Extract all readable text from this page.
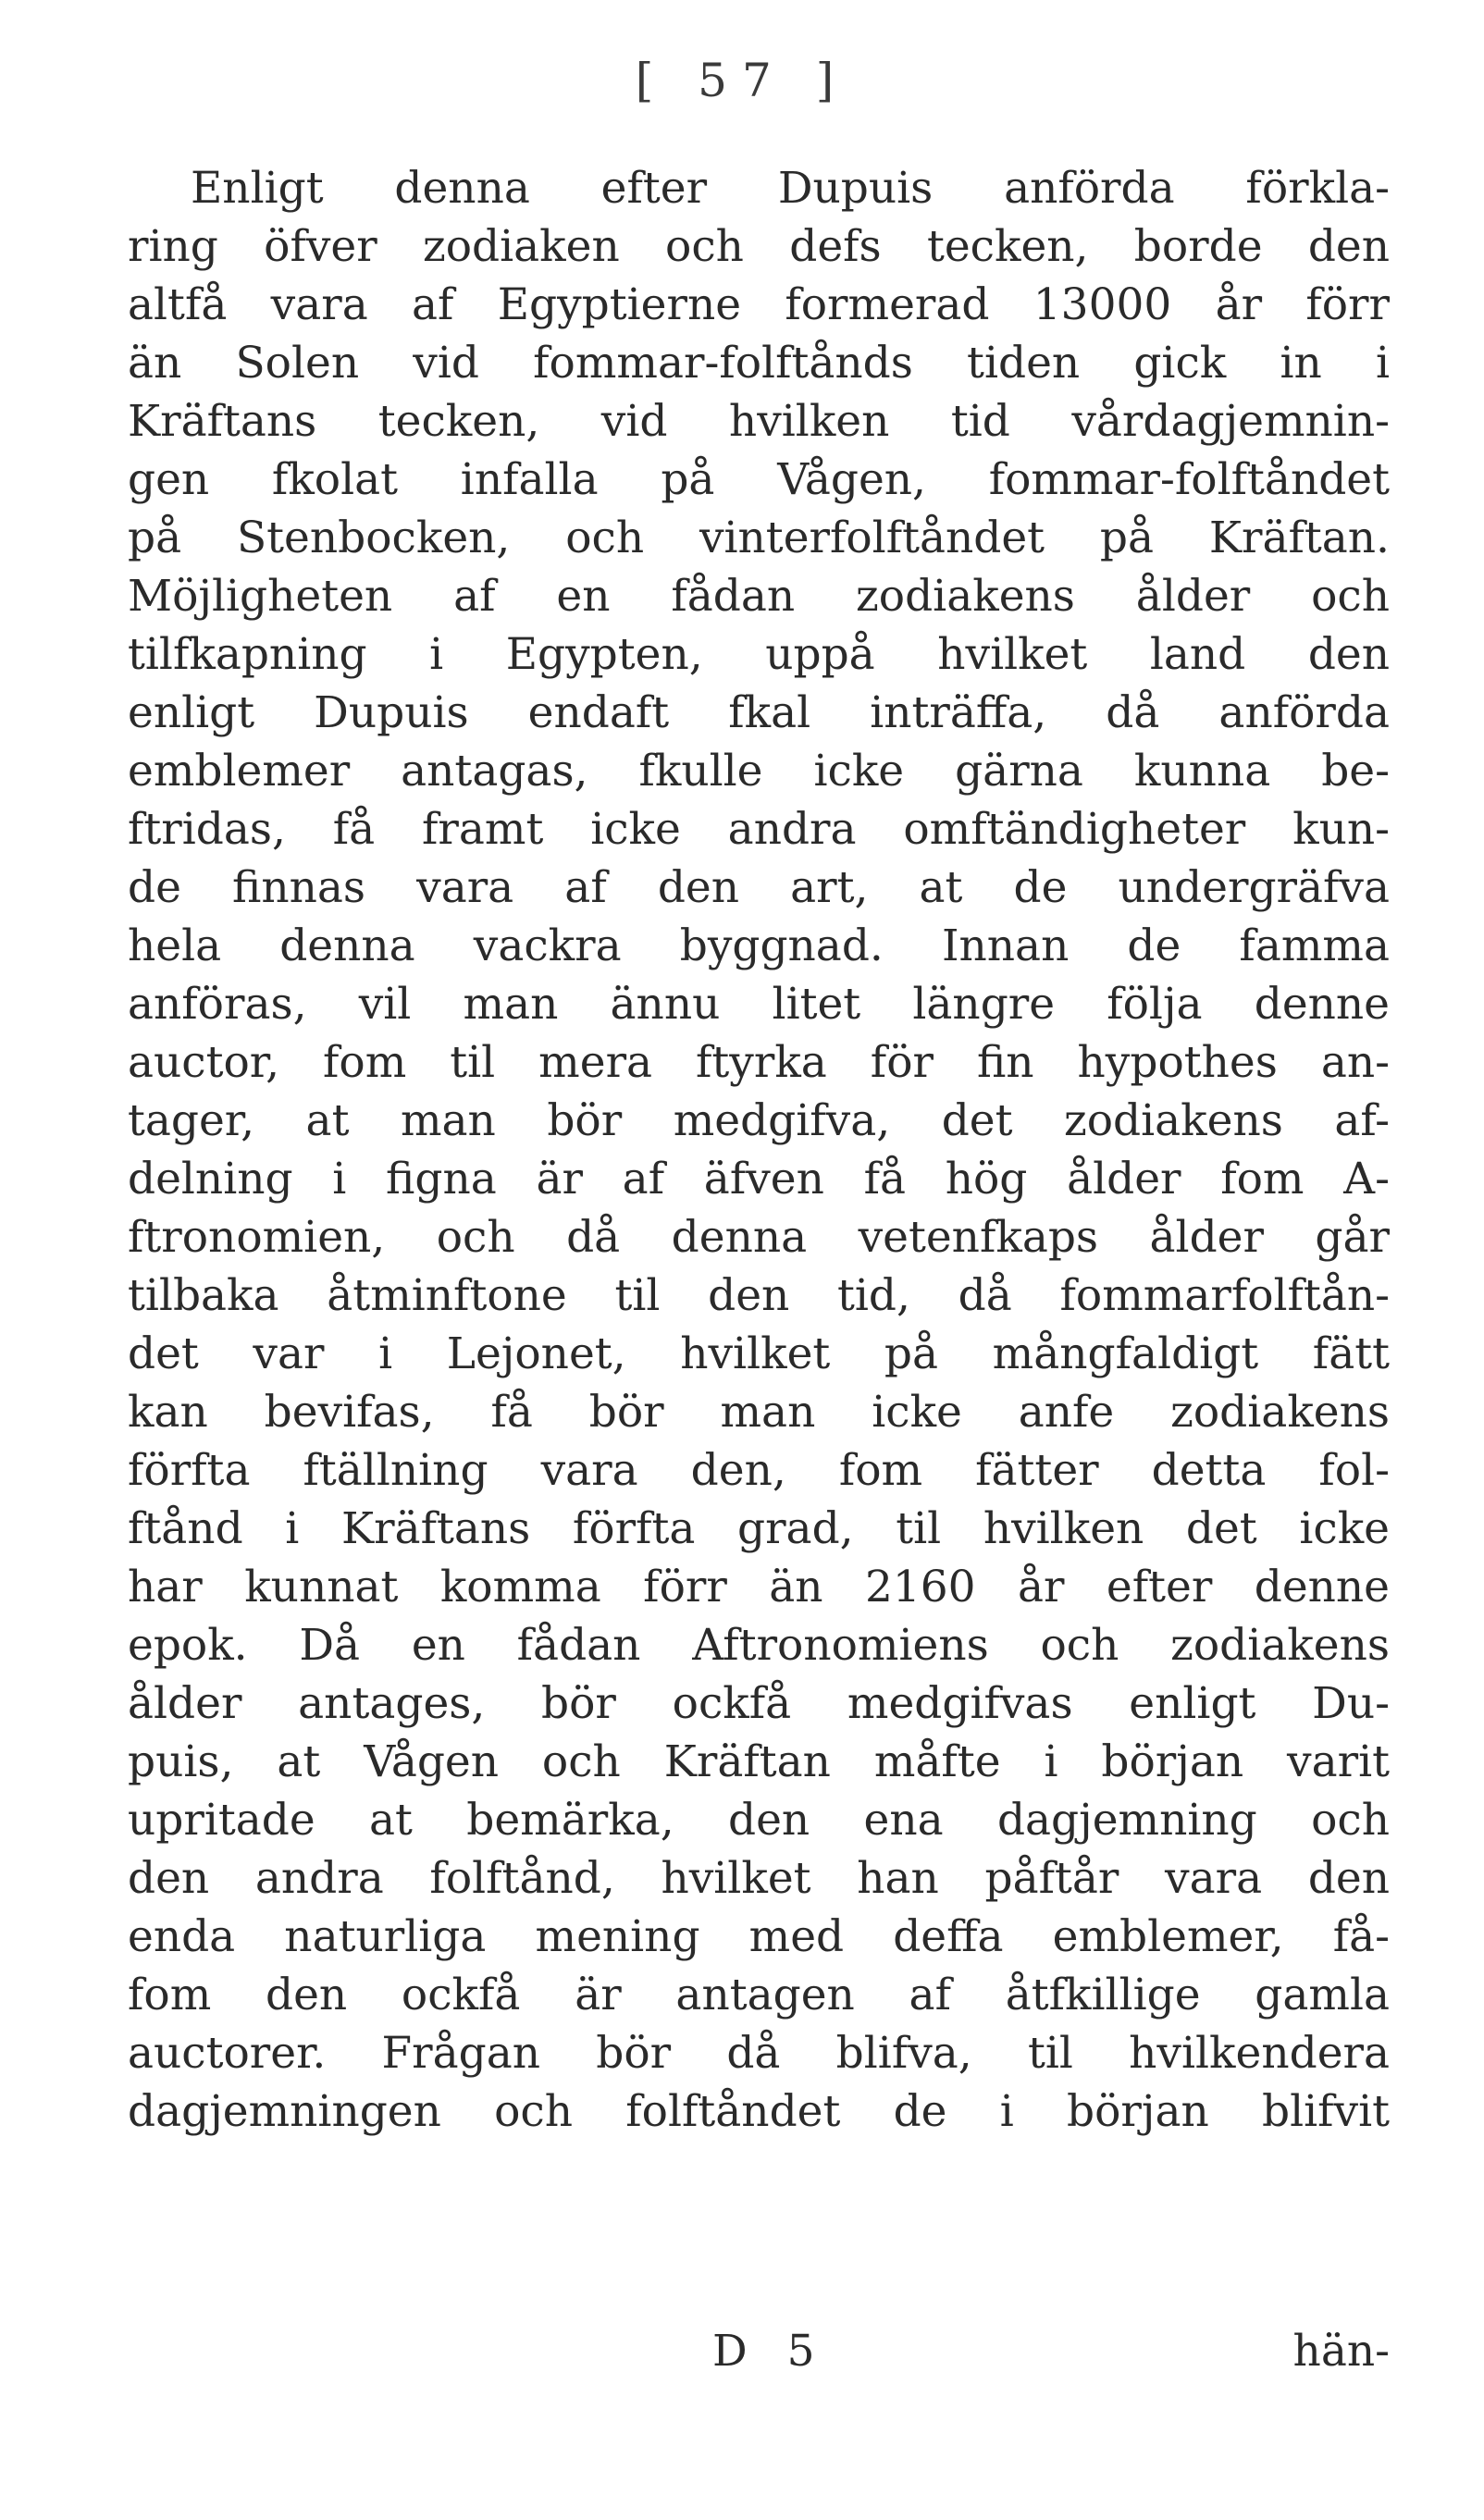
[ 57 ]
Enligt denna efter Dupuis anförda förkla-
ring öfver zodiaken och defs tecken, borde den
altfå vara af Egyptierne formerad 13000 år förr
än Solen vid fommar-folftånds tiden gick in i
Kräftans tecken, vid hvilken tid vårdagjemnin-
gen fkolat infalla på Vågen, fommar-folftåndet
på Stenbocken, och vinterfolftåndet på Kräftan.
Möjligheten af en fådan zodiakens ålder och
tilfkapning i Egypten, uppå hvilket land den
enligt Dupuis endaft fkal inträffa, då anförda
emblemer antagas, fkulle icke gärna kunna be-
ftridas, få framt icke andra omftändigheter kun-
de finnas vara af den art, at de undergräfva
hela denna vackra byggnad. Innan de famma
anföras, vil man ännu litet längre följa denne
auctor, fom til mera ftyrka för fin hypothes an-
tager, at man bör medgifva, det zodiakens af-
delning i figna är af äfven få hög ålder fom A-
ftronomien, och då denna vetenfkaps ålder går
tilbaka åtminftone til den tid, då fommarfolftån-
det var i Lejonet, hvilket på mångfaldigt fätt
kan bevifas, få bör man icke anfe zodiakens
förfta ftällning vara den, fom fätter detta fol-
ftånd i Kräftans förfta grad, til hvilken det icke
har kunnat komma förr än 2160 år efter denne
epok. Då en fådan Aftronomiens och zodiakens
ålder antages, bör ockfå medgifvas enligt Du-
puis, at Vågen och Kräftan måfte i början varit
upritade at bemärka, den ena dagjemning och
den andra folftånd, hvilket han påftår vara den
enda naturliga mening med deffa emblemer, få-
fom den ockfå är antagen af åtfkillige gamla
auctorer. Frågan bör då blifva, til hvilkendera
dagjemningen och folftåndet de i början blifvit
D 5	hän-
